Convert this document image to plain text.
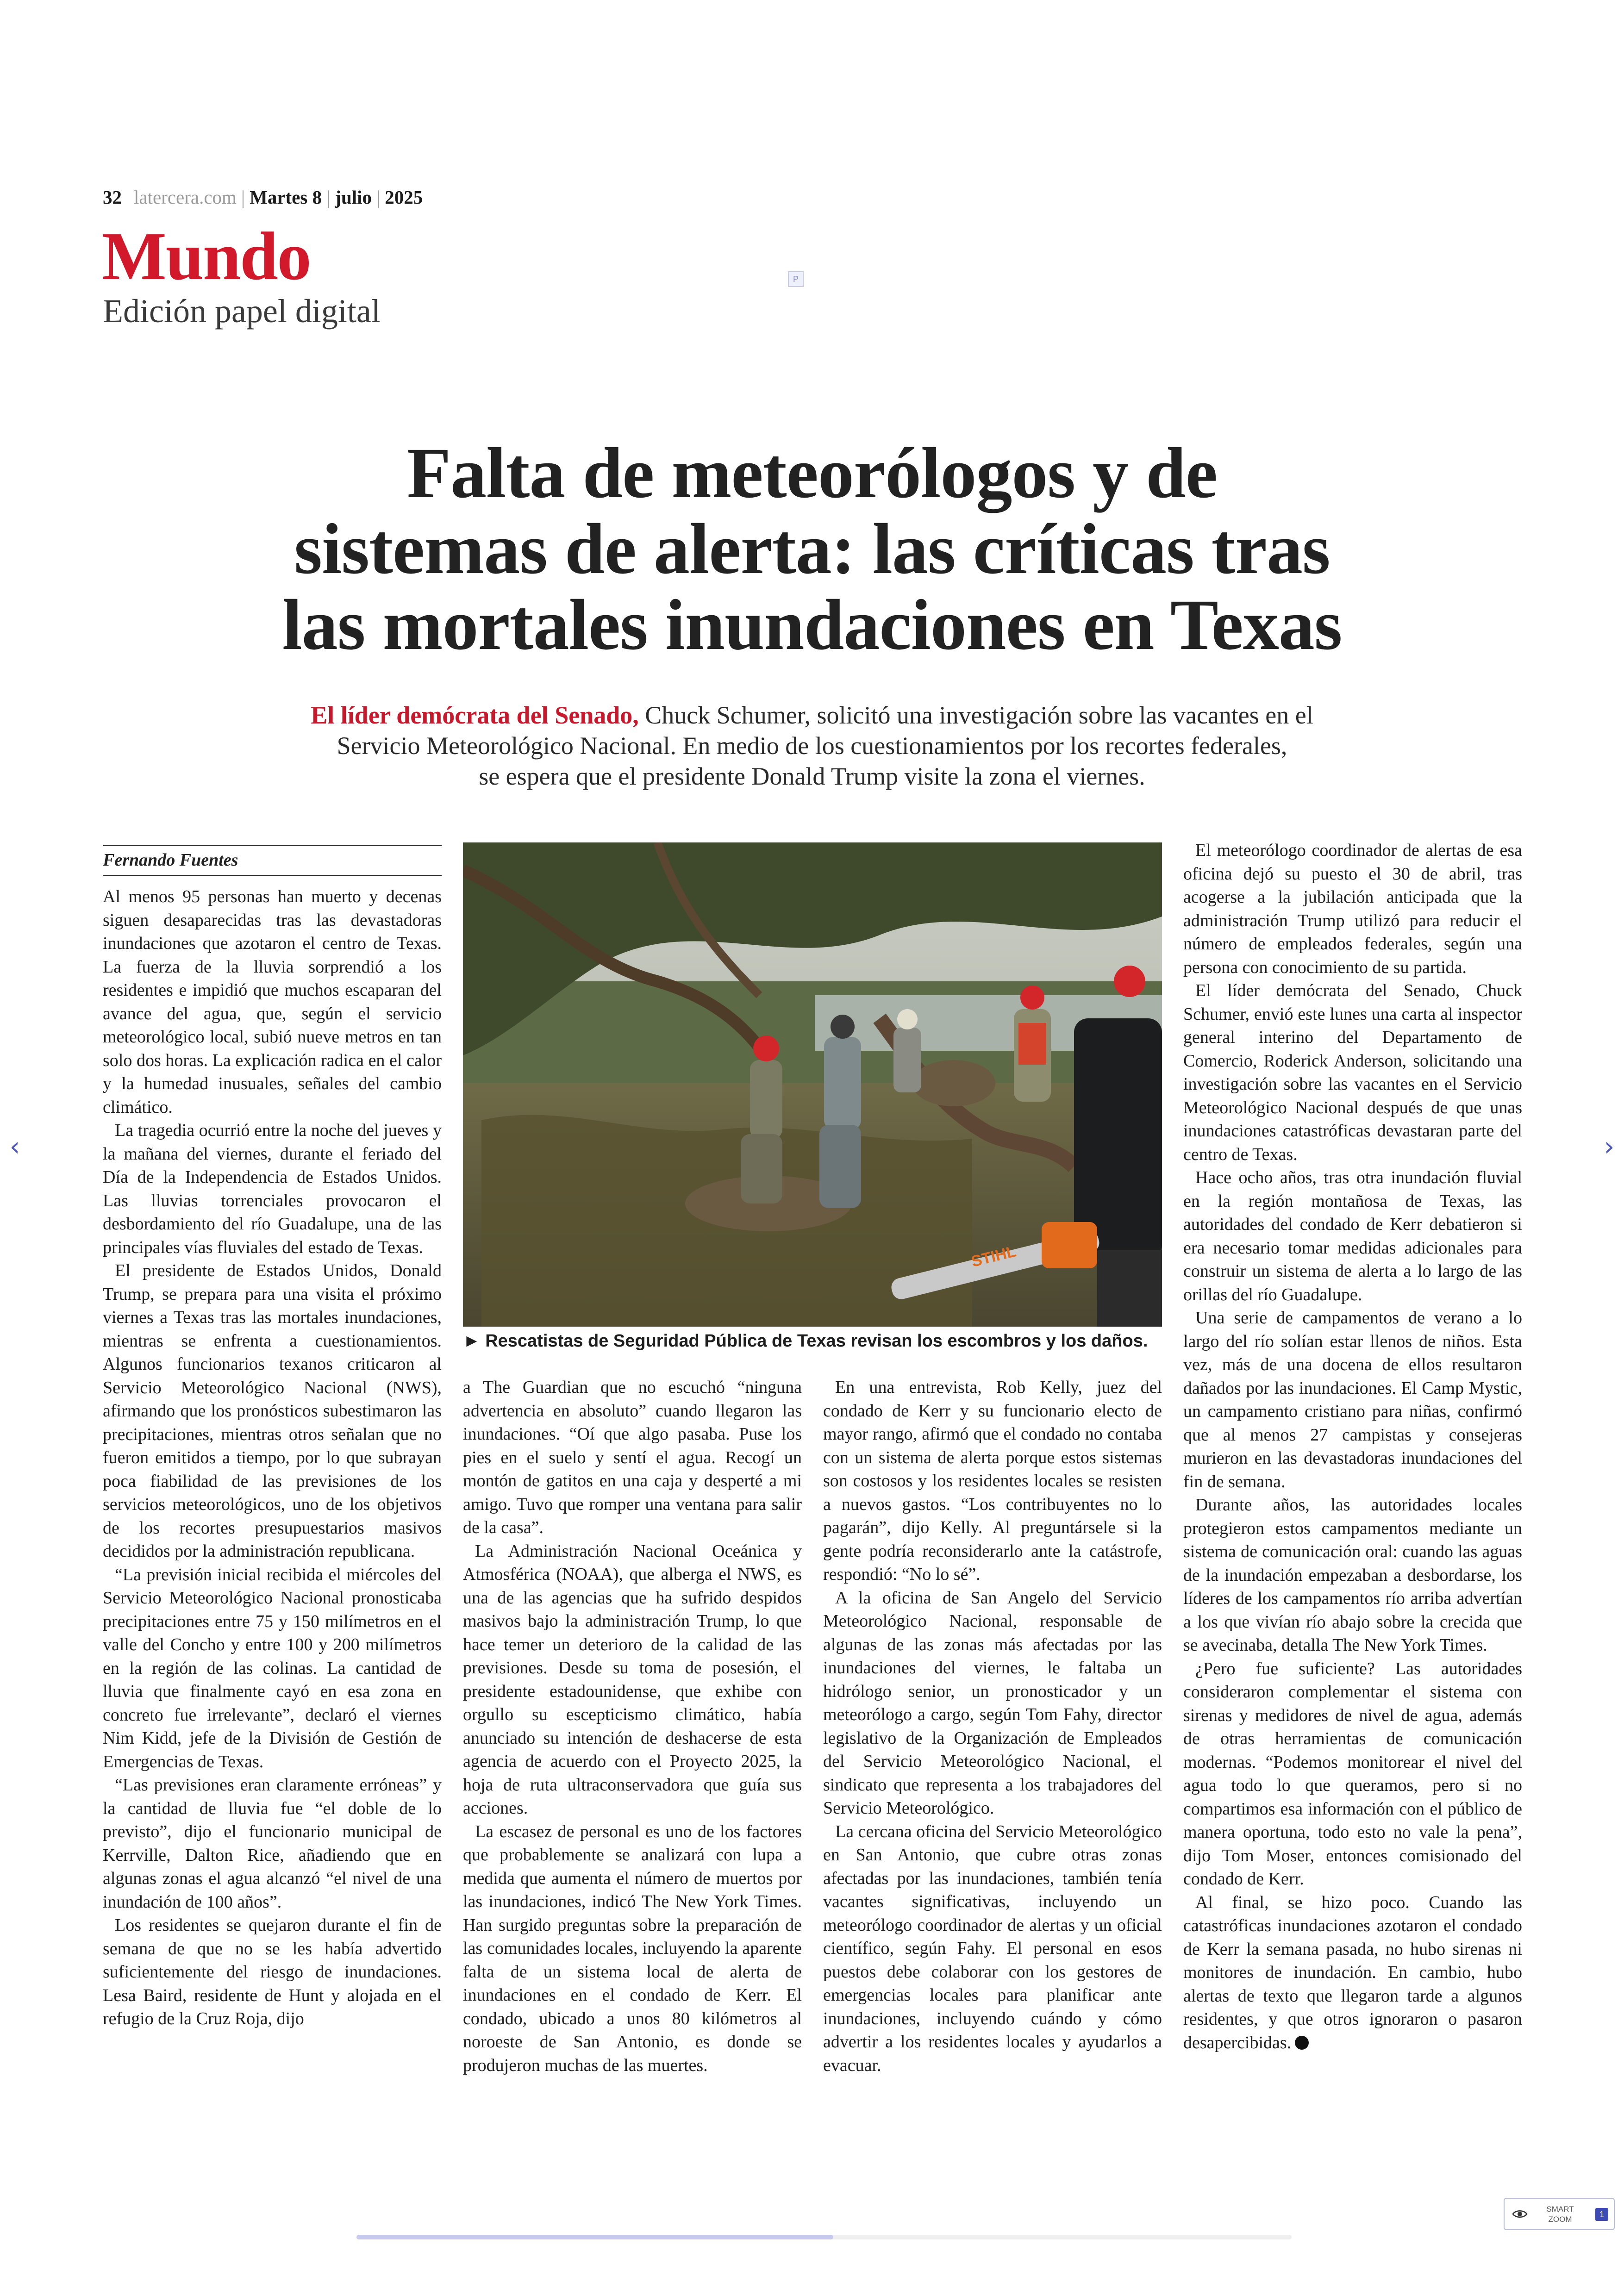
32 latercera.com | Martes 8 | julio | 2025
Mundo
Edición papel digital
P
Falta de meteorólogos y de
sistemas de alerta: las críticas tras
las mortales inundaciones en Texas
El líder demócrata del Senado, Chuck Schumer, solicitó una investigación sobre las vacantes en el
Servicio Meteorológico Nacional. En medio de los cuestionamientos por los recortes federales,
se espera que el presidente Donald Trump visite la zona el viernes.
Fernando Fuentes

Al menos 95 personas han muerto y decenas siguen desaparecidas tras las devastadoras inundaciones que azotaron el centro de Texas. La fuerza de la lluvia sorprendió a los residentes e impidió que muchos escaparan del avance del agua, que, según el servicio meteorológico local, subió nueve metros en tan solo dos horas. La explicación radica en el calor y la humedad inusuales, señales del cambio climático.

La tragedia ocurrió entre la noche del jueves y la mañana del viernes, durante el feriado del Día de la Independencia de Estados Unidos. Las lluvias torrenciales provocaron el desbordamiento del río Guadalupe, una de las principales vías fluviales del estado de Texas.

El presidente de Estados Unidos, Donald Trump, se prepara para una visita el próximo viernes a Texas tras las mortales inundaciones, mientras se enfrenta a cuestionamientos. Algunos funcionarios texanos criticaron al Servicio Meteorológico Nacional (NWS), afirmando que los pronósticos subestimaron las precipitaciones, mientras otros señalan que no fueron emitidos a tiempo, por lo que subrayan poca fiabilidad de las previsiones de los servicios meteorológicos, uno de los objetivos de los recortes presupuestarios masivos decididos por la administración republicana.

“La previsión inicial recibida el miércoles del Servicio Meteorológico Nacional pronosticaba precipitaciones entre 75 y 150 milímetros en el valle del Concho y entre 100 y 200 milímetros en la región de las colinas. La cantidad de lluvia que finalmente cayó en esa zona en concreto fue irrelevante”, declaró el viernes Nim Kidd, jefe de la División de Gestión de Emergencias de Texas.

“Las previsiones eran claramente erróneas” y la cantidad de lluvia fue “el doble de lo previsto”, dijo el funcionario municipal de Kerrville, Dalton Rice, añadiendo que en algunas zonas el agua alcanzó “el nivel de una inundación de 100 años”.

Los residentes se quejaron durante el fin de semana de que no se les había advertido suficientemente del riesgo de inundaciones. Lesa Baird, residente de Hunt y alojada en el refugio de la Cruz Roja, dijo

STIHL
► Rescatistas de Seguridad Pública de Texas revisan los escombros y los daños.

a The Guardian que no escuchó “ninguna advertencia en absoluto” cuando llegaron las inundaciones. “Oí que algo pasaba. Puse los pies en el suelo y sentí el agua. Recogí un montón de gatitos en una caja y desperté a mi amigo. Tuvo que romper una ventana para salir de la casa”.

La Administración Nacional Oceánica y Atmosférica (NOAA), que alberga el NWS, es una de las agencias que ha sufrido despidos masivos bajo la administración Trump, lo que hace temer un deterioro de la calidad de las previsiones. Desde su toma de posesión, el presidente estadounidense, que exhibe con orgullo su escepticismo climático, había anunciado su intención de deshacerse de esta agencia de acuerdo con el Proyecto 2025, la hoja de ruta ultraconservadora que guía sus acciones.

La escasez de personal es uno de los factores que probablemente se analizará con lupa a medida que aumenta el número de muertos por las inundaciones, indicó The New York Times. Han surgido preguntas sobre la preparación de las comunidades locales, incluyendo la aparente falta de un sistema local de alerta de inundaciones en el condado de Kerr. El condado, ubicado a unos 80 kilómetros al noroeste de San Antonio, es donde se produjeron muchas de las muertes.

En una entrevista, Rob Kelly, juez del condado de Kerr y su funcionario electo de mayor rango, afirmó que el condado no contaba con un sistema de alerta porque estos sistemas son costosos y los residentes locales se resisten a nuevos gastos. “Los contribuyentes no lo pagarán”, dijo Kelly. Al preguntársele si la gente podría reconsiderarlo ante la catástrofe, respondió: “No lo sé”.

A la oficina de San Angelo del Servicio Meteorológico Nacional, responsable de algunas de las zonas más afectadas por las inundaciones del viernes, le faltaba un hidrólogo senior, un pronosticador y un meteorólogo a cargo, según Tom Fahy, director legislativo de la Organización de Empleados del Servicio Meteorológico Nacional, el sindicato que representa a los trabajadores del Servicio Meteorológico.

La cercana oficina del Servicio Meteorológico en San Antonio, que cubre otras zonas afectadas por las inundaciones, también tenía vacantes significativas, incluyendo un meteorólogo coordinador de alertas y un oficial científico, según Fahy. El personal en esos puestos debe colaborar con los gestores de emergencias locales para planificar ante inundaciones, incluyendo cuándo y cómo advertir a los residentes locales y ayudarlos a evacuar.

El meteorólogo coordinador de alertas de esa oficina dejó su puesto el 30 de abril, tras acogerse a la jubilación anticipada que la administración Trump utilizó para reducir el número de empleados federales, según una persona con conocimiento de su partida.

El líder demócrata del Senado, Chuck Schumer, envió este lunes una carta al inspector general interino del Departamento de Comercio, Roderick Anderson, solicitando una investigación sobre las vacantes en el Servicio Meteorológico Nacional después de que unas inundaciones catastróficas devastaran parte del centro de Texas.

Hace ocho años, tras otra inundación fluvial en la región montañosa de Texas, las autoridades del condado de Kerr debatieron si era necesario tomar medidas adicionales para construir un sistema de alerta a lo largo de las orillas del río Guadalupe.

Una serie de campamentos de verano a lo largo del río solían estar llenos de niños. Esta vez, más de una docena de ellos resultaron dañados por las inundaciones. El Camp Mystic, un campamento cristiano para niñas, confirmó que al menos 27 campistas y consejeras murieron en las devastadoras inundaciones del fin de semana.

Durante años, las autoridades locales protegieron estos campamentos mediante un sistema de comunicación oral: cuando las aguas de la inundación empezaban a desbordarse, los líderes de los campamentos río arriba advertían a los que vivían río abajo sobre la crecida que se avecinaba, detalla The New York Times.

¿Pero fue suficiente? Las autoridades consideraron complementar el sistema con sirenas y medidores de nivel de agua, además de otras herramientas de comunicación modernas. “Podemos monitorear el nivel del agua todo lo que queramos, pero si no compartimos esa información con el público de manera oportuna, todo esto no vale la pena”, dijo Tom Moser, entonces comisionado del condado de Kerr.

Al final, se hizo poco. Cuando las catastróficas inundaciones azotaron el condado de Kerr la semana pasada, no hubo sirenas ni monitores de inundación. En cambio, hubo alertas de texto que llegaron tarde a algunos residentes, y que otros ignoraron o pasaron desapercibidas.

‹	›
SMART
ZOOM
1
